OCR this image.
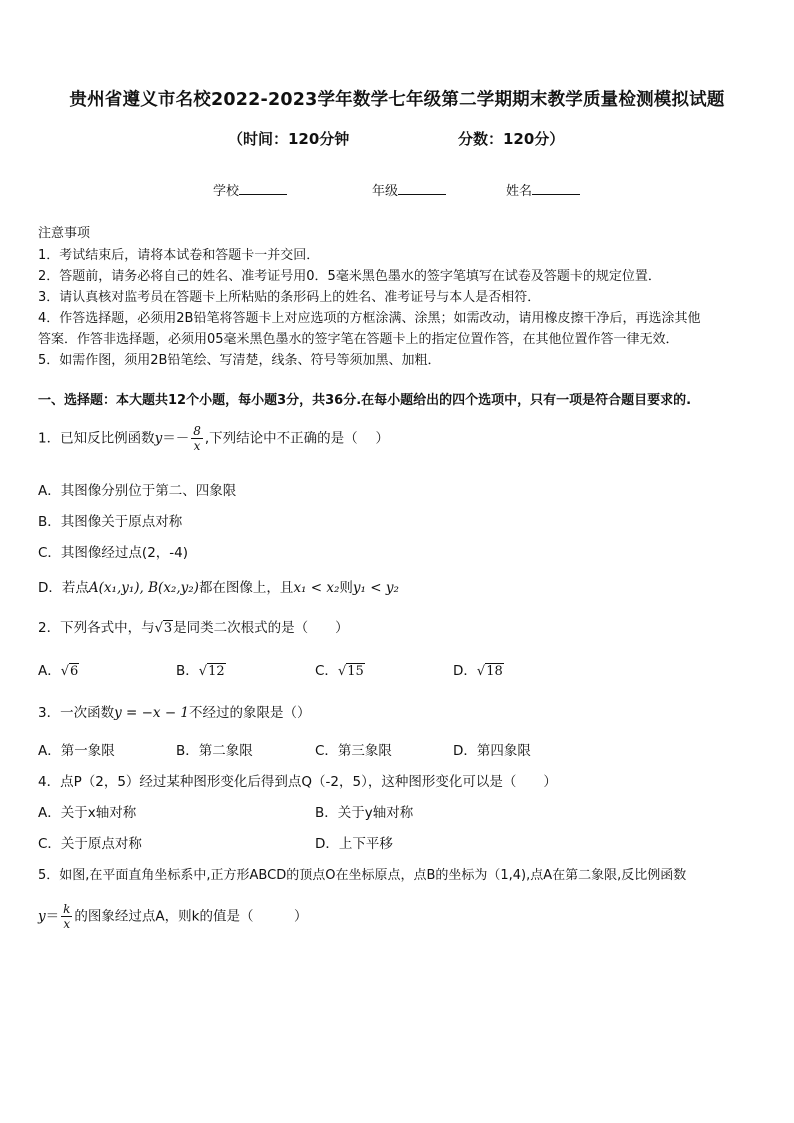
贵州省遵义市名校2022-2023学年数学七年级第二学期期末教学质量检测模拟试题
（时间：120分钟	分数：120分）
学校	年级	姓名
注意事项
1．考试结束后，请将本试卷和答题卡一并交回．
2．答题前，请务必将自己的姓名、准考证号用0．5毫米黑色墨水的签字笔填写在试卷及答题卡的规定位置．
3．请认真核对监考员在答题卡上所粘贴的条形码上的姓名、准考证号与本人是否相符．
4．作答选择题，必须用2B铅笔将答题卡上对应选项的方框涂满、涂黑；如需改动，请用橡皮擦干净后，再选涂其他
答案．作答非选择题，必须用05毫米黑色墨水的签字笔在答题卡上的指定位置作答，在其他位置作答一律无效．
5．如需作图，须用2B铅笔绘、写清楚，线条、符号等须加黑、加粗．
一、选择题：本大题共12个小题，每小题3分，共36分.在每小题给出的四个选项中，只有一项是符合题目要求的.
1．已知反比例函数$y=- \frac{8}{x}$ ,下列结论中不正确的是（　 ）
A．其图像分别位于第二、四象限
B．其图像关于原点对称
C．其图像经过点(2，-4)
D．若点A(x₁,y₁), B(x₂,y₂)都在图像上，且x₁ < x₂则y₁ < y₂
2．下列各式中，与√3是同类二次根式的是（　　）
A．√6	B．√12	C．√15	D．√18
3．一次函数y = −x − 1不经过的象限是（）
A．第一象限	B．第二象限	C．第三象限	D．第四象限
4．点P（2，5）经过某种图形变化后得到点Q（-2，5），这种图形变化可以是（　　）
A．关于x轴对称	B．关于y轴对称
C．关于原点对称	D．上下平移
5．如图,在平面直角坐标系中,正方形ABCD的顶点O在坐标原点，点B的坐标为（1,4),点A在第二象限,反比例函数
$y= \frac{k}{x}$ 的图象经过点A，则k的值是（　　　）
